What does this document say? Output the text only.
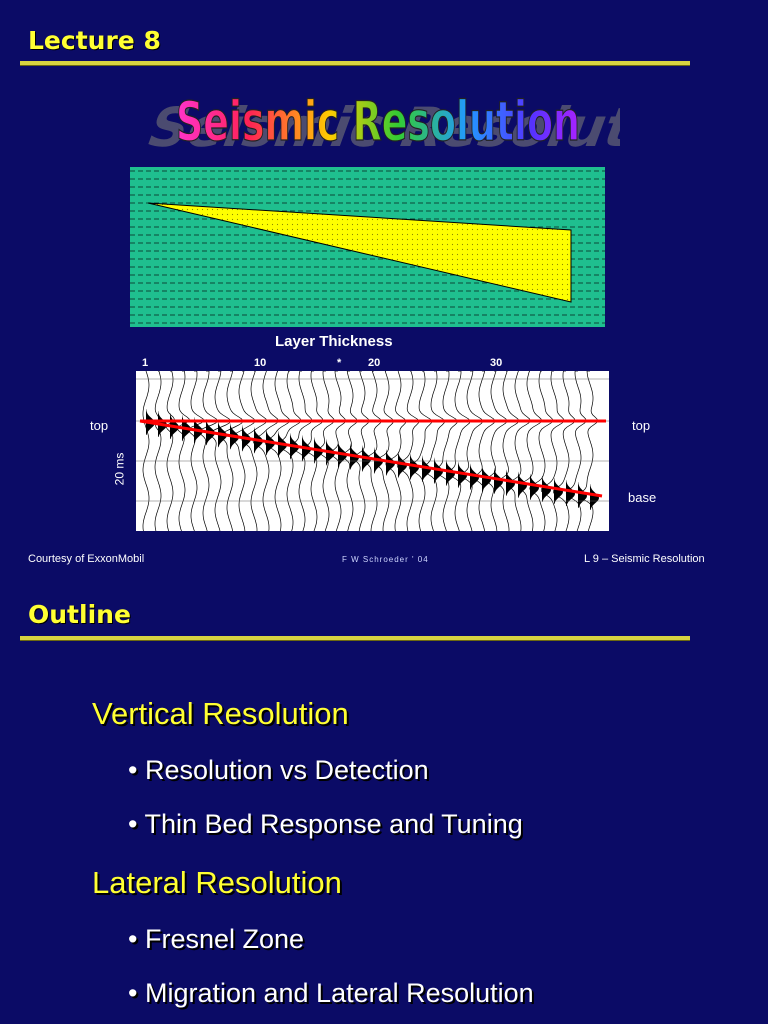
Lecture 8
Seismic Resolution
Seismic Resolution
Layer Thickness
1	10	* 20	30
top	top
base
20 ms
Courtesy of ExxonMobil	F W Schroeder ' 04	L 9 – Seismic Resolution
Outline
Vertical Resolution
• Resolution vs Detection
• Thin Bed Response and Tuning
Lateral Resolution
• Fresnel Zone
• Migration and Lateral Resolution
